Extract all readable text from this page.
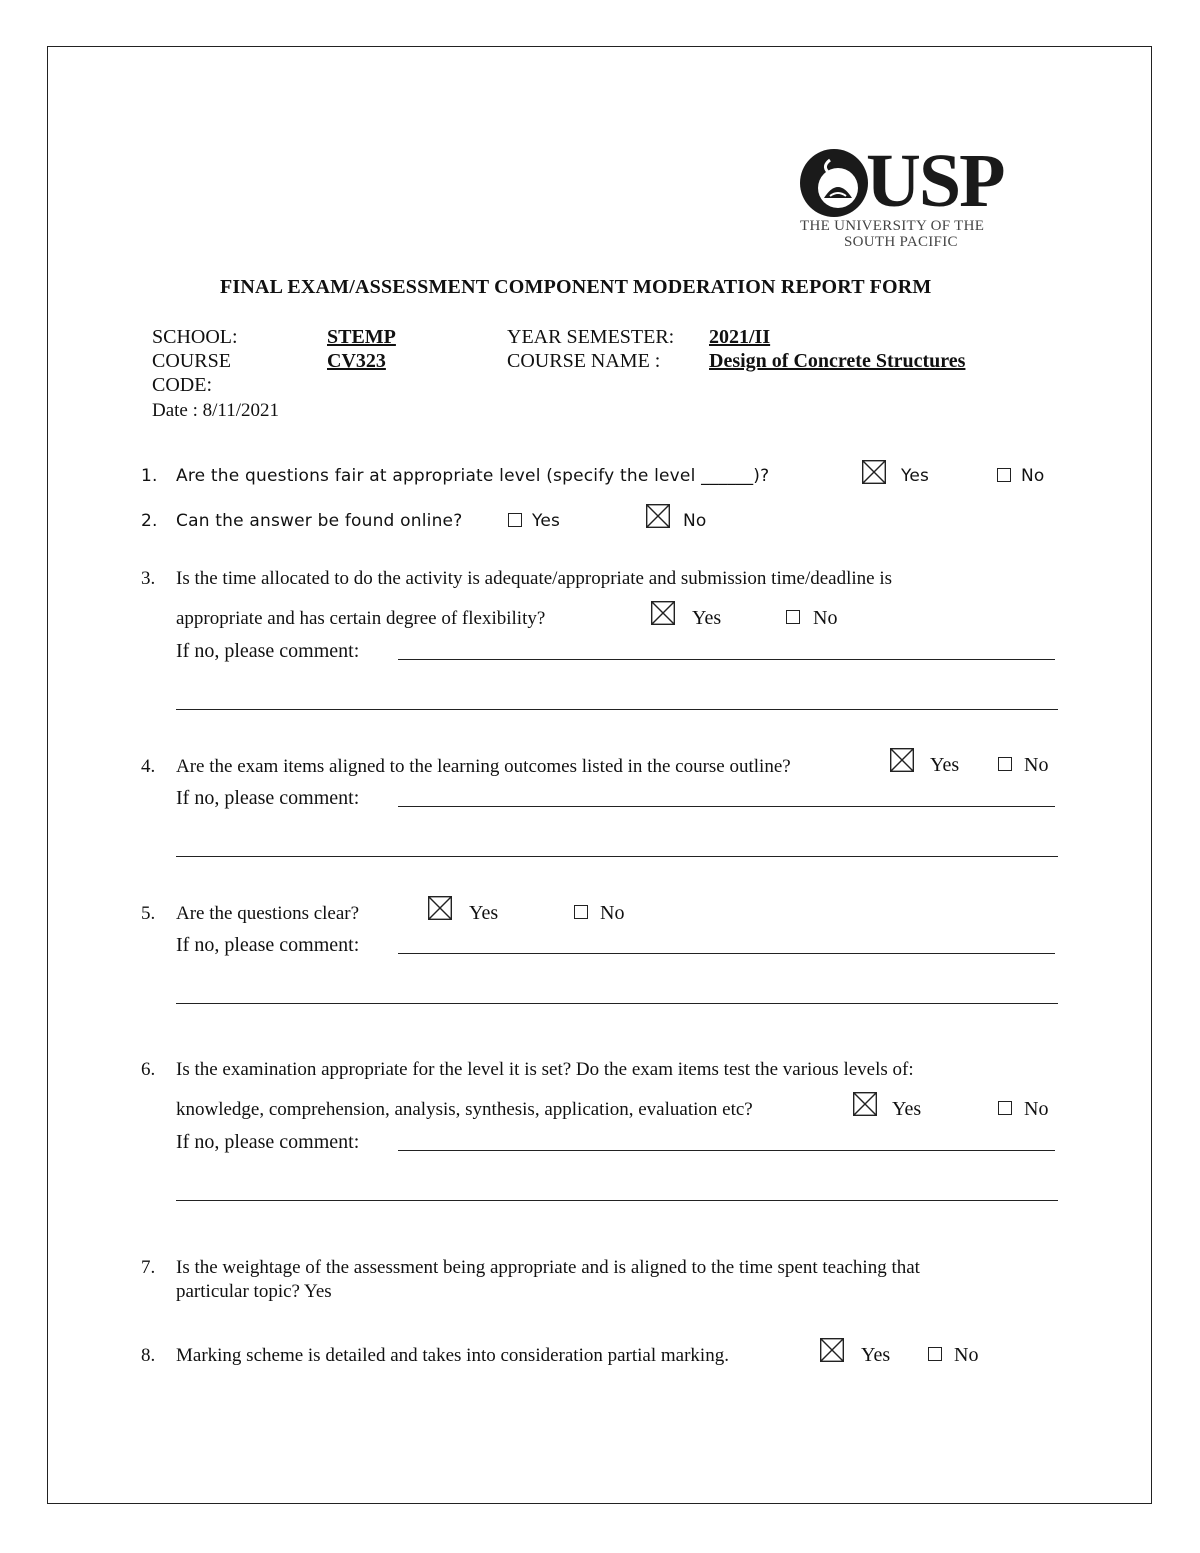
USP
THE UNIVERSITY OF THE
SOUTH PACIFIC
FINAL EXAM/ASSESSMENT COMPONENT MODERATION REPORT FORM
SCHOOL:	STEMP	YEAR SEMESTER: 2021/II
COURSE	CV323	COURSE NAME : Design of Concrete Structures
CODE:
Date : 8/11/2021
1. Are the questions fair at appropriate level (specify the level ______)?	Yes	No
2. Can the answer be found online?	Yes	No
3. Is the time allocated to do the activity is adequate/appropriate and submission time/deadline is
appropriate and has certain degree of flexibility?	Yes	No
If no, please comment:
4. Are the exam items aligned to the learning outcomes listed in the course outline?	Yes	No
If no, please comment:
5. Are the questions clear?	Yes	No
If no, please comment:
6. Is the examination appropriate for the level it is set? Do the exam items test the various levels of:
knowledge, comprehension, analysis, synthesis, application, evaluation etc?	Yes	No
If no, please comment:
7. Is the weightage of the assessment being appropriate and is aligned to the time spent teaching that
particular topic? Yes
8. Marking scheme is detailed and takes into consideration partial marking.	Yes	No
